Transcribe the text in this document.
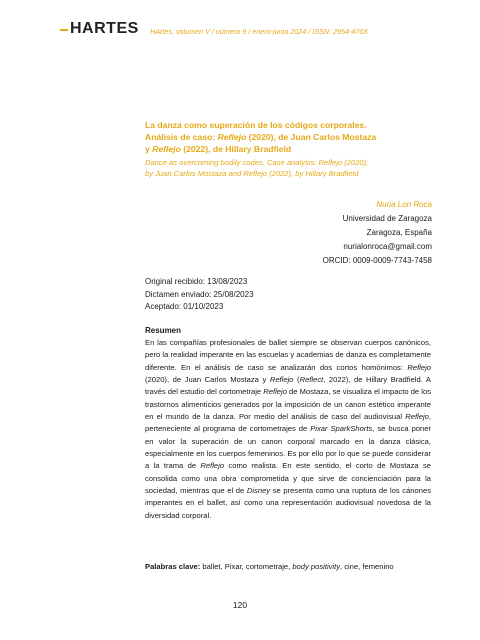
HARTES HArtes, volumen V / número 9 / enero-junio 2024 / ISSN: 2954-470X

La danza como superación de los códigos corporales.
Análisis de caso: Reflejo (2020), de Juan Carlos Mostaza
y Reflejo (2022), de Hillary Bradfield

Dance as overcoming bodily codes. Case analysis: Reflejo (2020),
by Juan Carlos Mostaza and Reflejo (2022), by Hillary Bradfield

Nuria Lon Roca
Universidad de Zaragoza
Zaragoza, España
nurialonroca@gmail.com
ORCID: 0009-0009-7743-7458
Original recibido: 13/08/2023
Dictamen enviado: 25/08/2023
Aceptado: 01/10/2023

Resumen

En las compañías profesionales de ballet siempre se observan cuerpos canónicos, pero la realidad imperante en las escuelas y academias de danza es completamente diferente. En el análisis de caso se analizarán dos cortos homónimos: Reflejo (2020), de Juan Carlos Mostaza y Reflejo (Reflect, 2022), de Hillary Bradfield. A través del estudio del cortometraje Reflejo de Mostaza, se visualiza el impacto de los trastornos alimenticios generados por la imposición de un canon estético imperante en el mundo de la danza. Por medio del análisis de caso del audiovisual Reflejo, perteneciente al programa de cortometrajes de Pixar SparkShorts, se busca poner en valor la superación de un canon corporal marcado en la danza clásica, especialmente en los cuerpos femeninos. Es por ello por lo que se puede considerar a la trama de Reflejo como realista. En este sentido, el corto de Mostaza se consolida como una obra comprometida y que sirve de concienciación para la sociedad, mientras que el de Disney se presenta como una ruptura de los cánones imperantes en el ballet, así como una representación audiovisual novedosa de la diversidad corporal.

Palabras clave: ballet, Pixar, cortometraje, body positivity, cine, femenino
120
